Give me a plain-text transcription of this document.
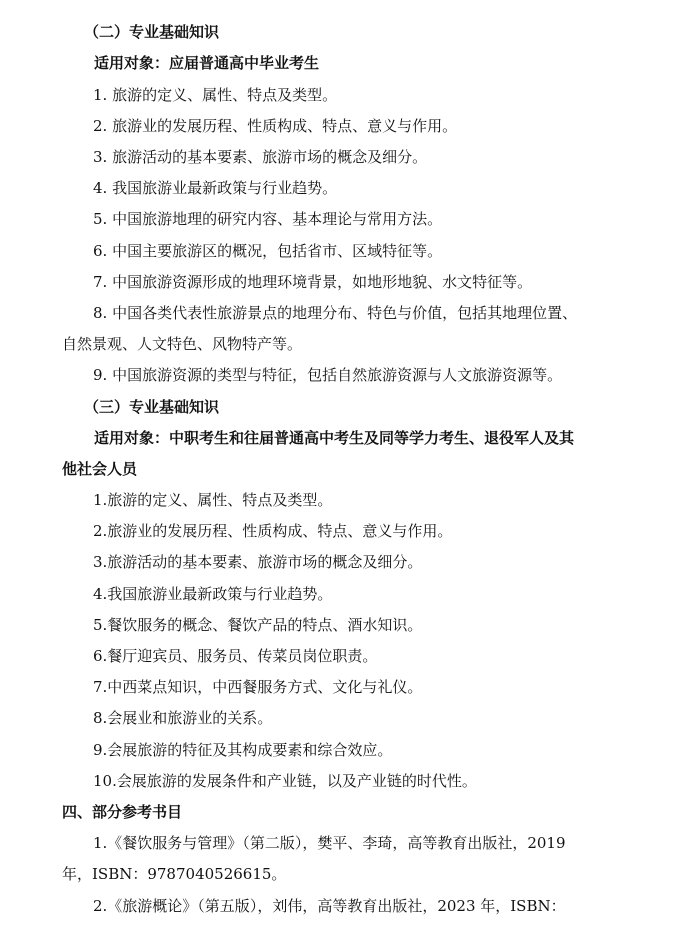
（二）专业基础知识
适用对象：应届普通高中毕业考生
1. 旅游的定义、属性、特点及类型。
2. 旅游业的发展历程、性质构成、特点、意义与作用。
3. 旅游活动的基本要素、旅游市场的概念及细分。
4. 我国旅游业最新政策与行业趋势。
5. 中国旅游地理的研究内容、基本理论与常用方法。
6. 中国主要旅游区的概况，包括省市、区域特征等。
7. 中国旅游资源形成的地理环境背景，如地形地貌、水文特征等。
8. 中国各类代表性旅游景点的地理分布、特色与价值，包括其地理位置、
自然景观、人文特色、风物特产等。
9. 中国旅游资源的类型与特征，包括自然旅游资源与人文旅游资源等。
（三）专业基础知识
适用对象：中职考生和往届普通高中考生及同等学力考生、退役军人及其
他社会人员
1.旅游的定义、属性、特点及类型。
2.旅游业的发展历程、性质构成、特点、意义与作用。
3.旅游活动的基本要素、旅游市场的概念及细分。
4.我国旅游业最新政策与行业趋势。
5.餐饮服务的概念、餐饮产品的特点、酒水知识。
6.餐厅迎宾员、服务员、传菜员岗位职责。
7.中西菜点知识，中西餐服务方式、文化与礼仪。
8.会展业和旅游业的关系。
9.会展旅游的特征及其构成要素和综合效应。
10.会展旅游的发展条件和产业链，以及产业链的时代性。
四、部分参考书目
1.《餐饮服务与管理》（第二版），樊平、李琦，高等教育出版社，2019
年，ISBN：9787040526615。
2.《旅游概论》（第五版），刘伟，高等教育出版社，2023 年，ISBN：
